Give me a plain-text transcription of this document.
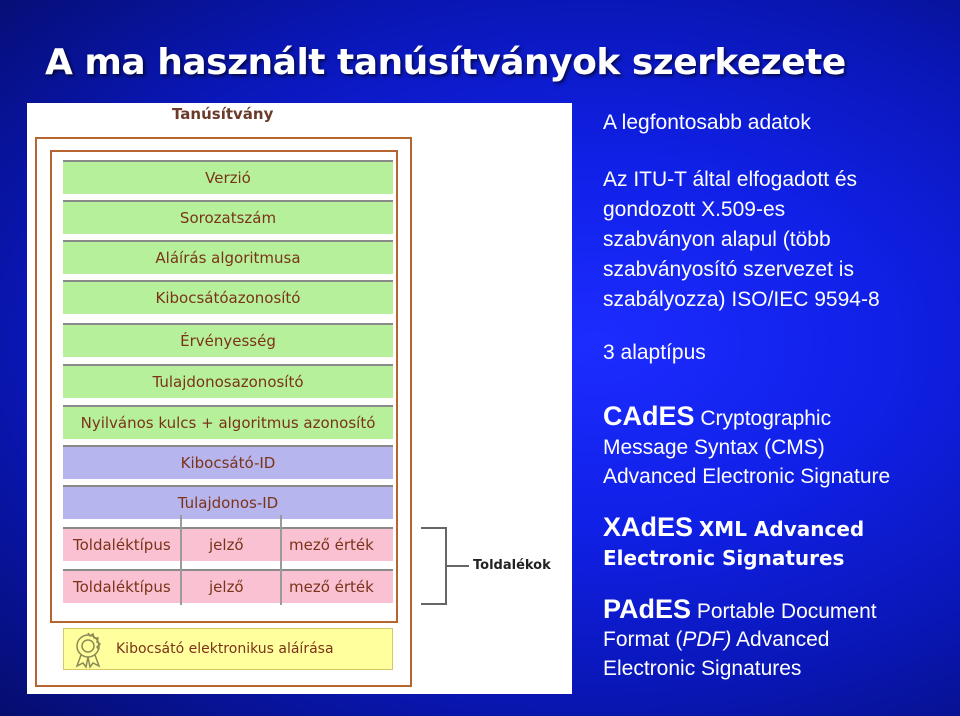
A ma használt tanúsítványok szerkezete
Tanúsítvány
Verzió
Sorozatszám
Aláírás algoritmusa
Kibocsátóazonosító
Érvényesség
Tulajdonosazonosító
Nyilvános kulcs + algoritmus azonosító
Kibocsátó-ID
Tulajdonos-ID
Toldaléktípus	jelző	mező érték
Toldaléktípus	jelző	mező érték
Toldalékok
Kibocsátó elektronikus aláírása
A legfontosabb adatok
Az ITU-T által elfogadott és
gondozott X.509-es
szabványon alapul (több
szabványosító szervezet is
szabályozza) ISO/IEC 9594-8
3 alaptípus
CAdES Cryptographic
Message Syntax (CMS)
Advanced Electronic Signature
XAdES XML Advanced
Electronic Signatures
PAdES Portable Document
Format (PDF) Advanced
Electronic Signatures
